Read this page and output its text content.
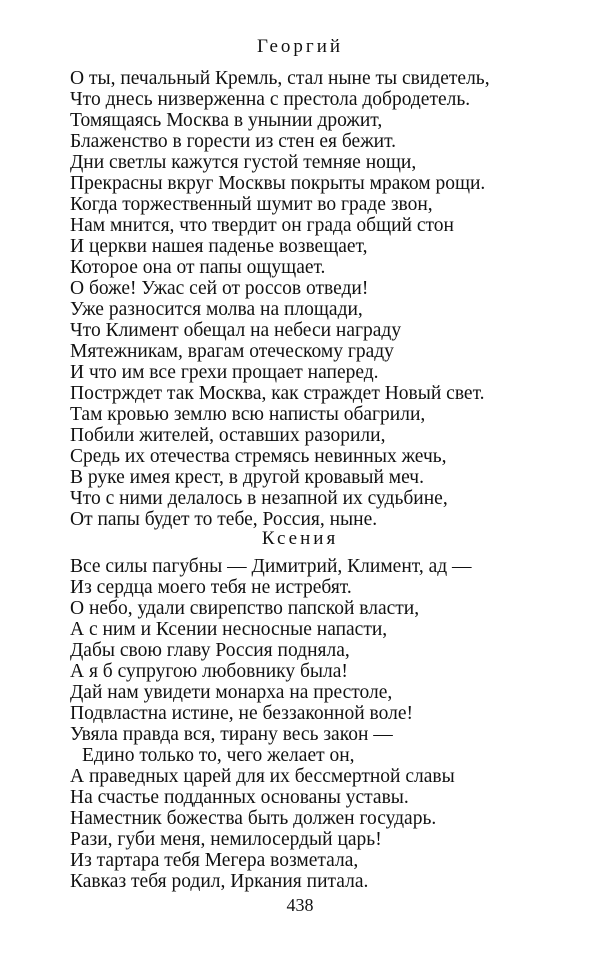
Георгий
О ты, печальный Кремль, стал ныне ты свидетель,
Что днесь низверженна с престола добродетель.
Томящаясь Москва в унынии дрожит,
Блаженство в горести из стен ея бежит.
Дни светлы кажутся густой темняе нощи,
Прекрасны вкруг Москвы покрыты мраком рощи.
Когда торжественный шумит во граде звон,
Нам мнится, что твердит он града общий стон
И церкви нашея паденье возвещает,
Которое она от папы ощущает.
О боже! Ужас сей от россов отведи!
Уже разносится молва на площади,
Что Климент обещал на небеси награду
Мятежникам, врагам отеческому граду
И что им все грехи прощает наперед.
Пострждет так Москва, как страждет Новый свет.
Там кровью землю всю написты обагрили,
Побили жителей, оставших разорили,
Средь их отечества стремясь невинных жечь,
В руке имея крест, в другой кровавый меч.
Что с ними делалось в незапной их судьбине,
От папы будет то тебе, Россия, ныне.
Ксения
Все силы пагубны — Димитрий, Климент, ад —
Из сердца моего тебя не истребят.
О небо, удали свирепство папской власти,
А с ним и Ксении несносные напасти,
Дабы свою главу Россия подняла,
А я б супругою любовнику была!
Дай нам увидети монарха на престоле,
Подвластна истине, не беззаконной воле!
Увяла правда вся, тирану весь закон —
Едино только то, чего желает он,
А праведных царей для их бессмертной славы
На счастье подданных основаны уставы.
Наместник божества быть должен государь.
Рази, губи меня, немилосердый царь!
Из тартара тебя Мегера возметала,
Кавказ тебя родил, Иркания питала.
438
